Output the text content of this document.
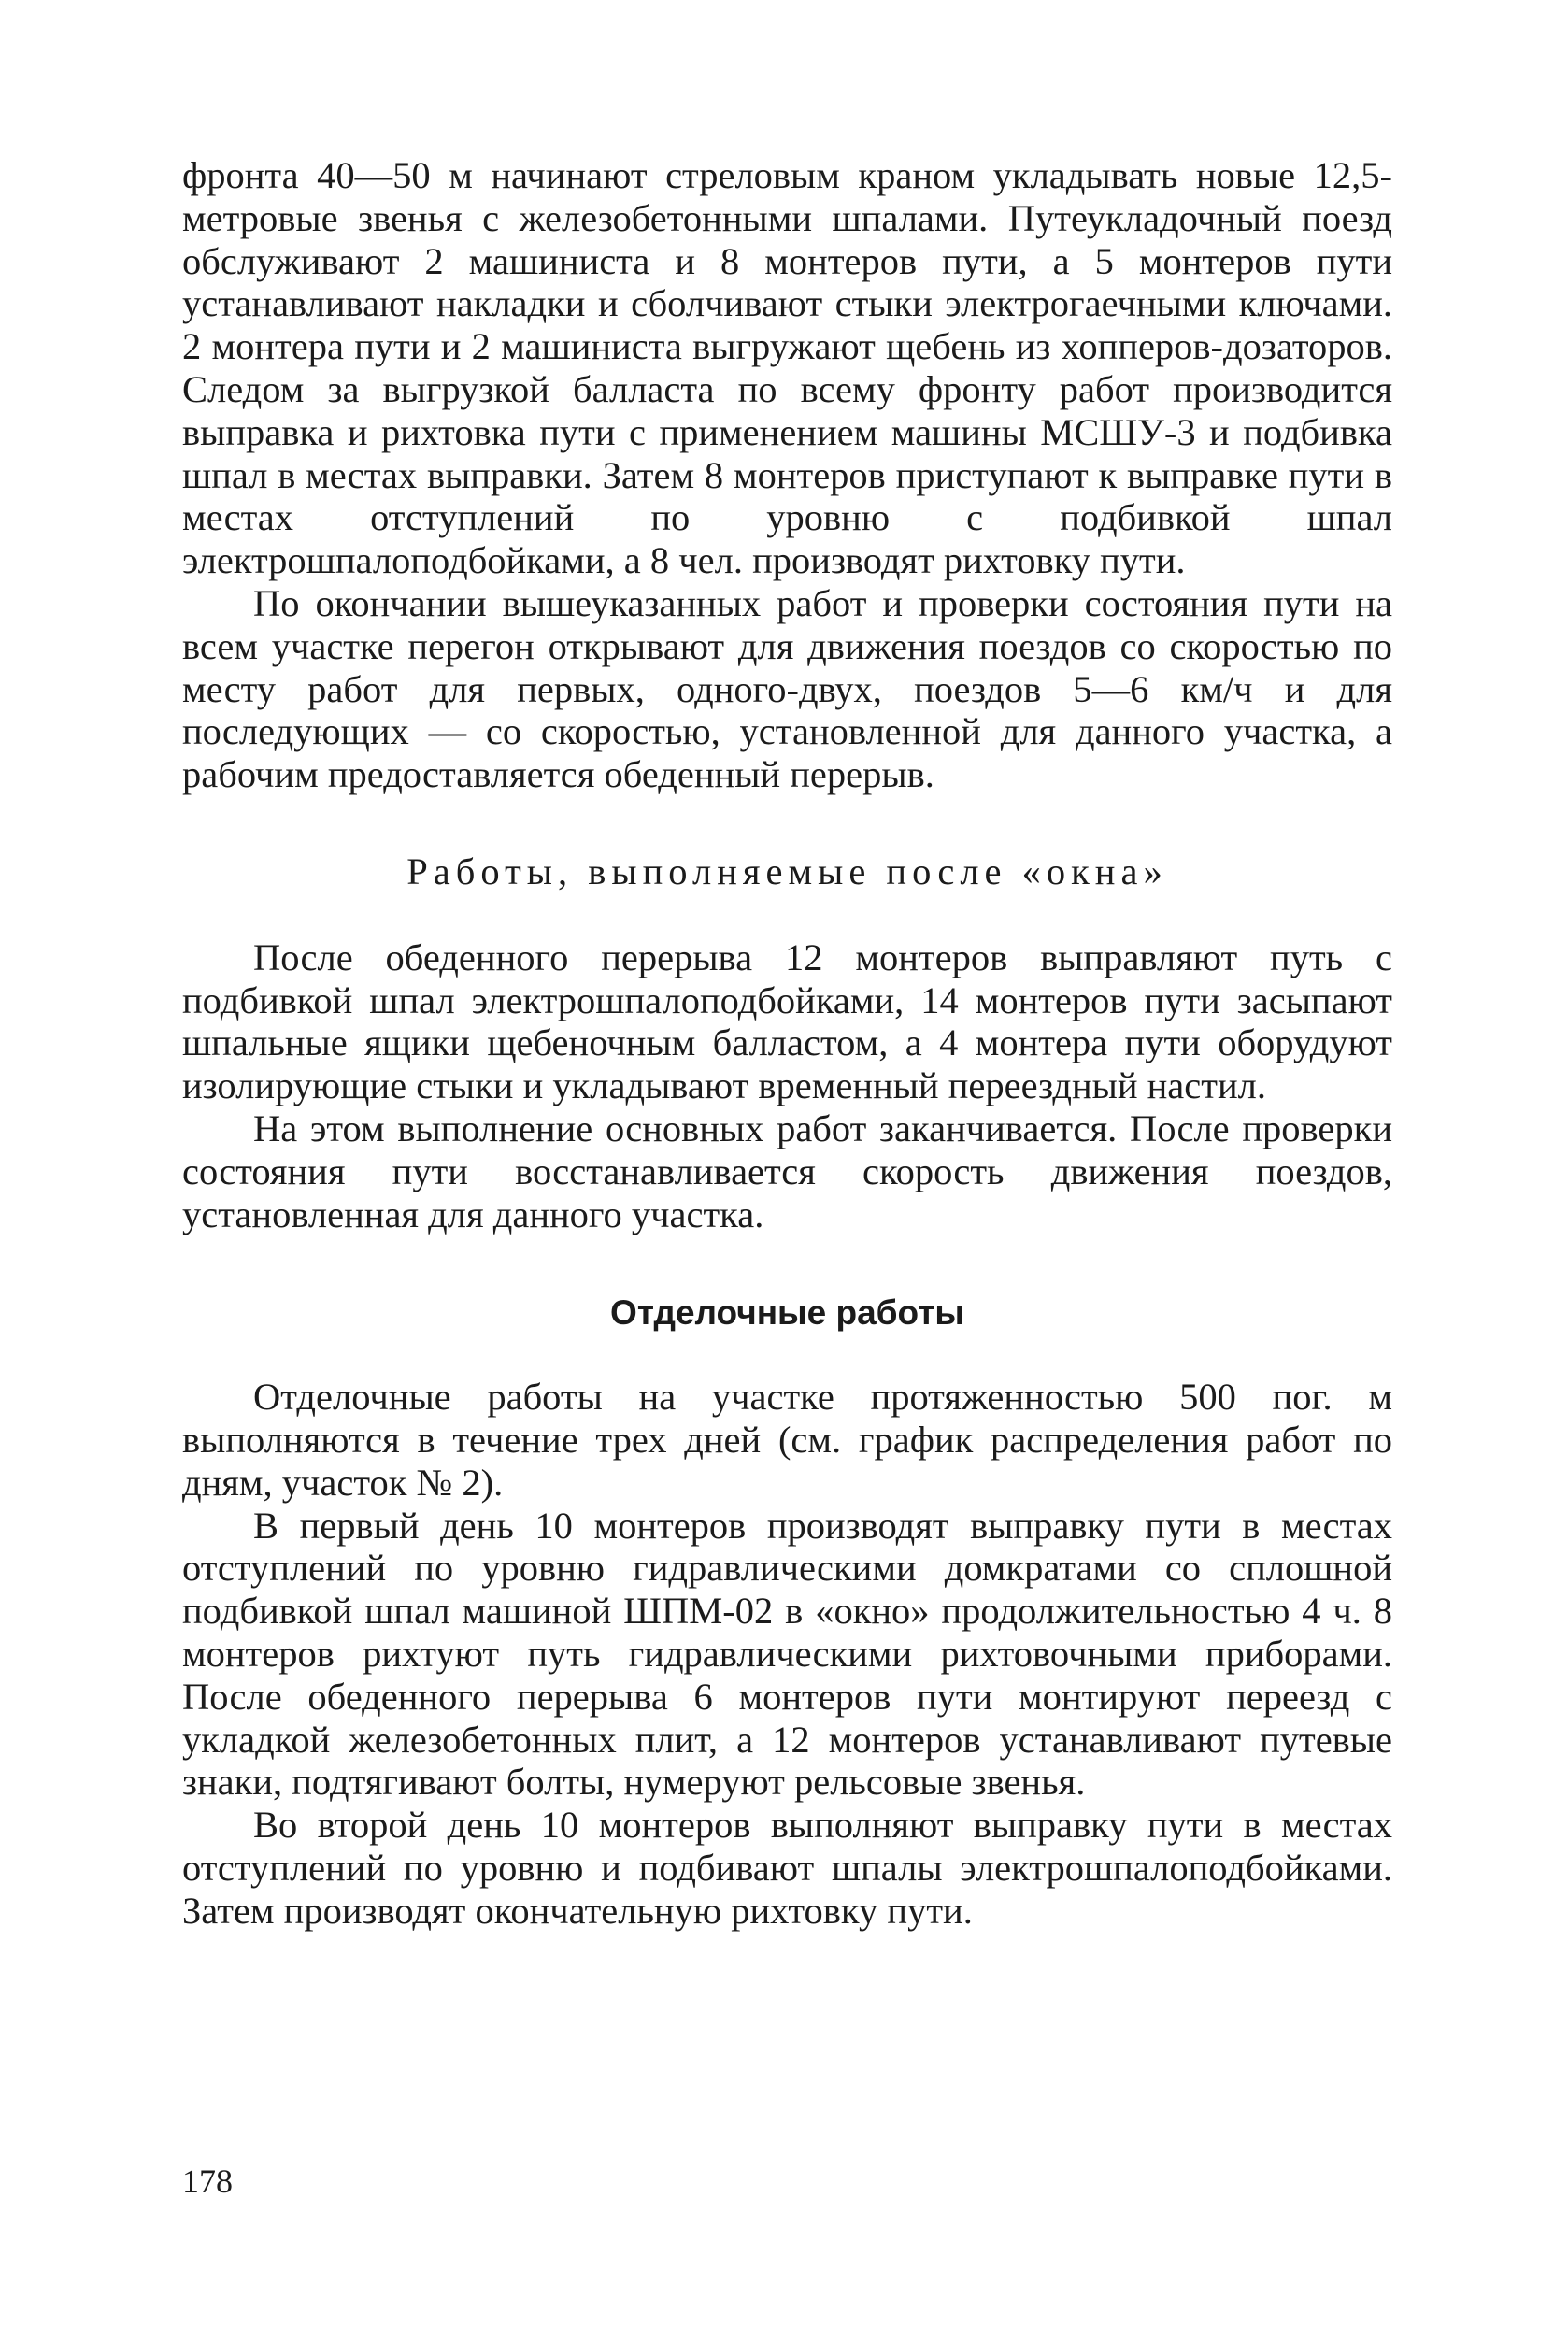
фронта 40—50 м начинают стреловым краном укладывать новые 12,5-метровые звенья с железобетонными шпалами. Путеукладочный поезд обслуживают 2 машиниста и 8 монтеров пути, а 5 монтеров пути устанавливают накладки и сболчивают стыки электрогаечными ключами. 2 монтера пути и 2 машиниста выгружают щебень из хопперов-дозаторов. Следом за выгрузкой балласта по всему фронту работ производится выправка и рихтовка пути с применением машины МСШУ-3 и подбивка шпал в местах выправки. Затем 8 монтеров приступают к выправке пути в местах отступлений по уровню с подбивкой шпал электрошпалоподбойками, а 8 чел. производят рихтовку пути.

По окончании вышеуказанных работ и проверки состояния пути на всем участке перегон открывают для движения поездов со скоростью по месту работ для первых, одного-двух, поездов 5—6 км/ч и для последующих — со скоростью, установленной для данного участка, а рабочим предоставляется обеденный перерыв.

Работы, выполняемые после «окна»

После обеденного перерыва 12 монтеров выправляют путь с подбивкой шпал электрошпалоподбойками, 14 монтеров пути засыпают шпальные ящики щебеночным балластом, а 4 монтера пути оборудуют изолирующие стыки и укладывают временный переездный настил.

На этом выполнение основных работ заканчивается. После проверки состояния пути восстанавливается скорость движения поездов, установленная для данного участка.

Отделочные работы

Отделочные работы на участке протяженностью 500 пог. м выполняются в течение трех дней (см. график распределения работ по дням, участок № 2).

В первый день 10 монтеров производят выправку пути в местах отступлений по уровню гидравлическими домкратами со сплошной подбивкой шпал машиной ШПМ-02 в «окно» продолжительностью 4 ч. 8 монтеров рихтуют путь гидравлическими рихтовочными приборами. После обеденного перерыва 6 монтеров пути монтируют переезд с укладкой железобетонных плит, а 12 монтеров устанавливают путевые знаки, подтягивают болты, нумеруют рельсовые звенья.

Во второй день 10 монтеров выполняют выправку пути в местах отступлений по уровню и подбивают шпалы электрошпалоподбойками. Затем производят окончательную рихтовку пути.

178
